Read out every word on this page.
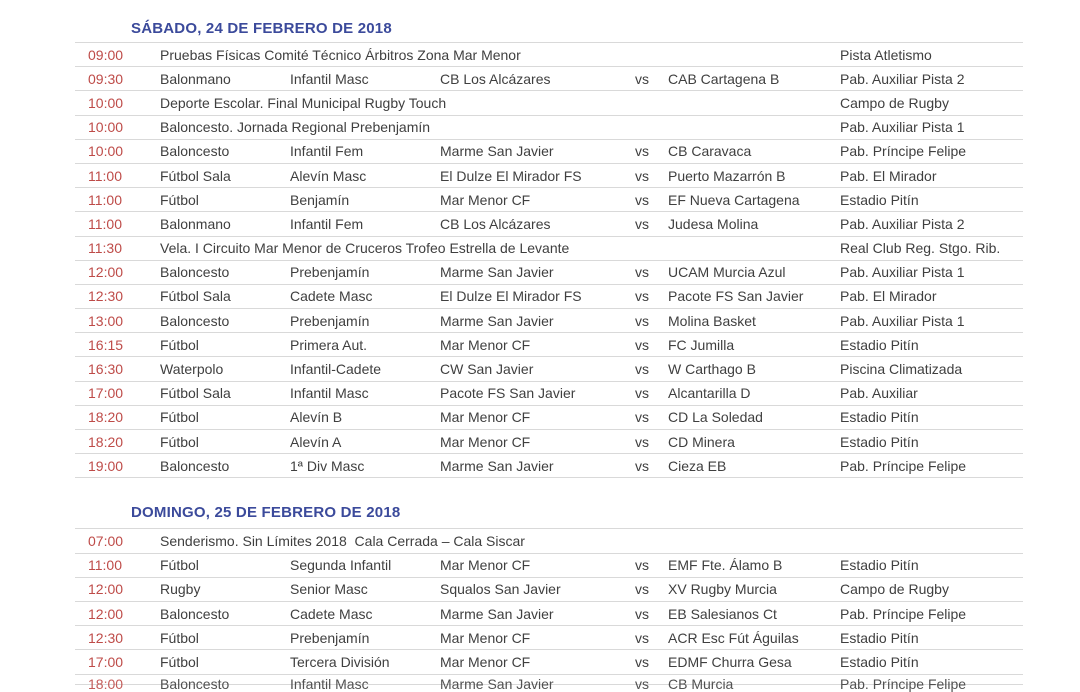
SÁBADO, 24 DE FEBRERO DE 2018
09:00	Pruebas Físicas Comité Técnico Árbitros Zona Mar Menor	Pista Atletismo
09:30	Balonmano	Infantil Masc	CB Los Alcázares	vs	CAB Cartagena B	Pab. Auxiliar Pista 2
10:00	Deporte Escolar. Final Municipal Rugby Touch	Campo de Rugby
10:00	Baloncesto. Jornada Regional Prebenjamín	Pab. Auxiliar Pista 1
10:00	Baloncesto	Infantil Fem	Marme San Javier	vs	CB Caravaca	Pab. Príncipe Felipe
11:00	Fútbol Sala	Alevín Masc	El Dulze El Mirador FS	vs	Puerto Mazarrón B	Pab. El Mirador
11:00	Fútbol	Benjamín	Mar Menor CF	vs	EF Nueva Cartagena	Estadio Pitín
11:00	Balonmano	Infantil Fem	CB Los Alcázares	vs	Judesa Molina	Pab. Auxiliar Pista 2
11:30	Vela. I Circuito Mar Menor de Cruceros Trofeo Estrella de Levante	Real Club Reg. Stgo. Rib.
12:00	Baloncesto	Prebenjamín	Marme San Javier	vs	UCAM Murcia Azul	Pab. Auxiliar Pista 1
12:30	Fútbol Sala	Cadete Masc	El Dulze El Mirador FS	vs	Pacote FS San Javier	Pab. El Mirador
13:00	Baloncesto	Prebenjamín	Marme San Javier	vs	Molina Basket	Pab. Auxiliar Pista 1
16:15	Fútbol	Primera Aut.	Mar Menor CF	vs	FC Jumilla	Estadio Pitín
16:30	Waterpolo	Infantil-Cadete	CW San Javier	vs	W Carthago B	Piscina Climatizada
17:00	Fútbol Sala	Infantil Masc	Pacote FS San Javier	vs	Alcantarilla D	Pab. Auxiliar
18:20	Fútbol	Alevín B	Mar Menor CF	vs	CD La Soledad	Estadio Pitín
18:20	Fútbol	Alevín A	Mar Menor CF	vs	CD Minera	Estadio Pitín
19:00	Baloncesto	1ª Div Masc	Marme San Javier	vs	Cieza EB	Pab. Príncipe Felipe
DOMINGO, 25 DE FEBRERO DE 2018
07:00	Senderismo. Sin Límites 2018  Cala Cerrada – Cala Siscar
11:00	Fútbol	Segunda Infantil	Mar Menor CF	vs	EMF Fte. Álamo B	Estadio Pitín
12:00	Rugby	Senior Masc	Squalos San Javier	vs	XV Rugby Murcia	Campo de Rugby
12:00	Baloncesto	Cadete Masc	Marme San Javier	vs	EB Salesianos Ct	Pab. Príncipe Felipe
12:30	Fútbol	Prebenjamín	Mar Menor CF	vs	ACR Esc Fút Águilas	Estadio Pitín
17:00	Fútbol	Tercera División	Mar Menor CF	vs	EDMF Churra Gesa	Estadio Pitín
18:00	Baloncesto	Infantil Masc	Marme San Javier	vs	CB Murcia	Pab. Príncipe Felipe
